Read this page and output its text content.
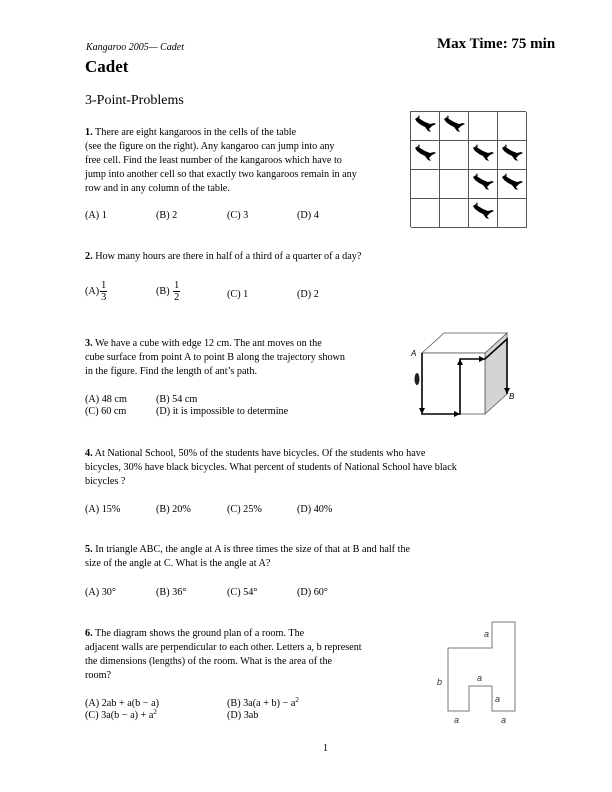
Kangaroo 2005— Cadet	Max Time: 75 min
Cadet
3-Point-Problems
1. There are eight kangaroos in the cells of the table
(see the figure on the right). Any kangaroo can jump into any
free cell. Find the least number of the kangaroos which have to
jump into another cell so that exactly two kangaroos remain in any
row and in any column of the table.
(A) 1	(B) 2	(C) 3	(D) 4
2. How many hours are there in half of a third of a quarter of a day?
$(A) \frac{1}{3}$	$(B) \frac{1}{2}$	(C) 1	(D) 2
3. We have a cube with edge 12 cm. The ant moves on the
cube surface from point A to point B along the trajectory shown
in the figure. Find the length of ant’s path.
(A) 48 cm	(B) 54 cm
(C) 60 cm	(D) it is impossible to determine
A
B
4. At National School, 50% of the students have bicycles. Of the students who have
bicycles, 30% have black bicycles. What percent of students of National School have black
bicycles ?
(A) 15%	(B) 20%	(C) 25%	(D) 40%
5. In triangle ABC, the angle at A is three times the size of that at B and half the
size of the angle at C. What is the angle at A?
(A) 30°	(B) 36°	(C) 54°	(D) 60°
6. The diagram shows the ground plan of a room. The
adjacent walls are perpendicular to each other. Letters a, b represent
the dimensions (lengths) of the room. What is the area of the
room?
(A) 2ab + a(b − a)	(B) $3a(a + b) - a^2$
(C) $3a(b - a) + a^2$	(D) 3ab
a
a
a
b
a	a
1
